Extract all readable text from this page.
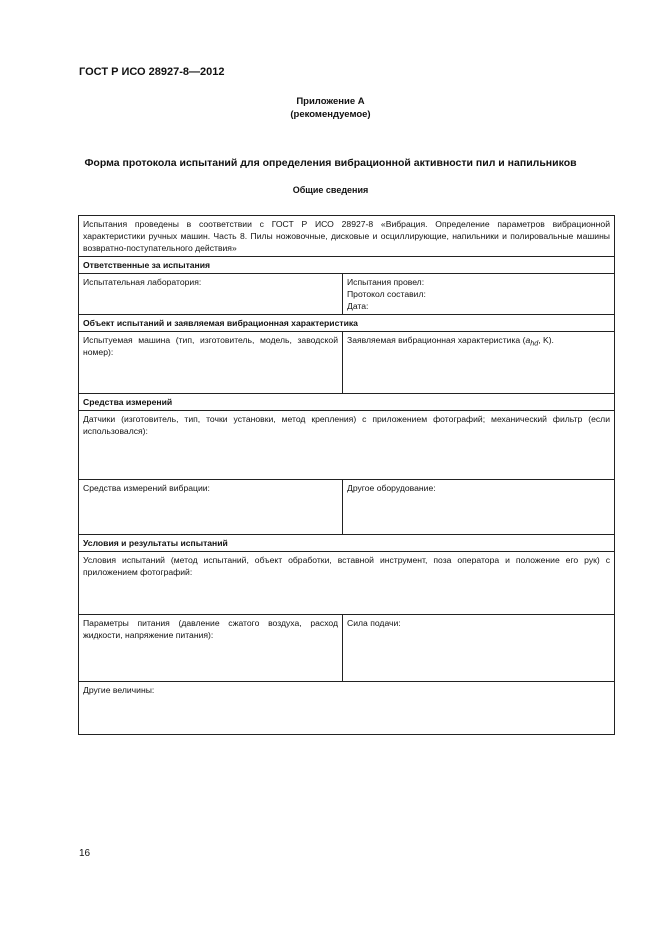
ГОСТ Р ИСО 28927-8—2012
Приложение А
(рекомендуемое)
Форма протокола испытаний для определения вибрационной активности пил и напильников
Общие сведения
Испытания проведены в соответствии с ГОСТ Р ИСО 28927-8 «Вибрация. Определение параметров вибрационной характеристики ручных машин. Часть 8. Пилы ножовочные, дисковые и осциллирующие, напильники и полировальные машины возвратно-поступательного действия»	
Ответственные за испытания	
Испытательная лаборатория:	Испытания провел:
Протокол составил:
Дата:

Объект испытаний и заявляемая вибрационная характеристика	
Испытуемая машина (тип, изготовитель, модель, заводской номер):	Заявляемая вибрационная характеристика ($a_{hd}$, K).
Средства измерений	
Датчики (изготовитель, тип, точки установки, метод крепления) с приложением фотографий; механический фильтр (если использовался):	
Средства измерений вибрации:	Другое оборудование:
Условия и результаты испытаний	
Условия испытаний (метод испытаний, объект обработки, вставной инструмент, поза оператора и положение его рук) с приложением фотографий:	
Параметры питания (давление сжатого воздуха, расход жидкости, напряжение питания):	Сила подачи:
Другие величины:	
16
